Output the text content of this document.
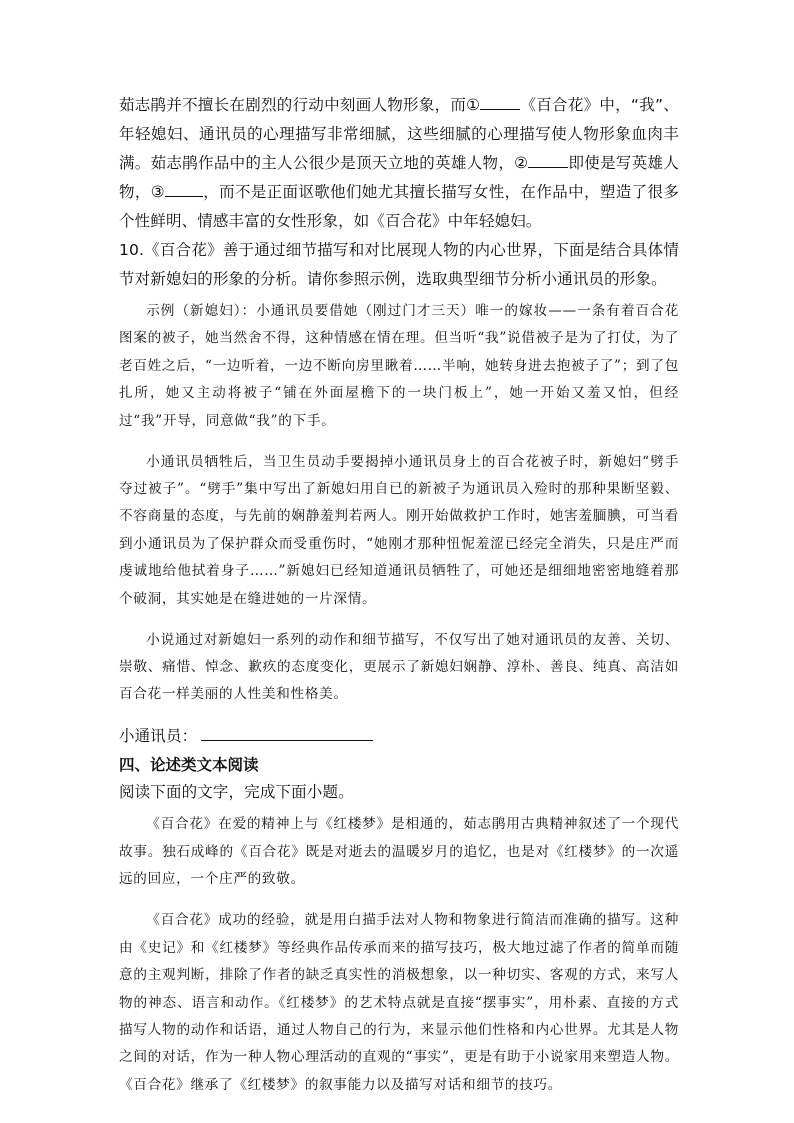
茹志鹃并不擅长在剧烈的行动中刻画人物形象，而①	《百合花》中，“我”、年轻媳妇、通讯员的心理描写非常细腻，这些细腻的心理描写使人物形象血肉丰满。茹志鹃作品中的主人公很少是顶天立地的英雄人物，②	即使是写英雄人物，③ ，而不是正面讴歌他们她尤其擅长描写女性，在作品中，塑造了很多个性鲜明、情感丰富的女性形象，如《百合花》中年轻媳妇。

10.《百合花》善于通过细节描写和对比展现人物的内心世界，下面是结合具体情节对新媳妇的形象的分析。请你参照示例，选取典型细节分析小通讯员的形象。

示例（新媳妇）：小通讯员要借她（刚过门才三天）唯一的嫁妆——一条有着百合花图案的被子，她当然舍不得，这种情感在情在理。但当听“我”说借被子是为了打仗，为了老百姓之后，“一边听着，一边不断向房里瞅着……半响，她转身进去抱被子了”；到了包扎所，她又主动将被子“铺在外面屋檐下的一块门板上”，她一开始又羞又怕，但经过“我”开导，同意做“我”的下手。

小通讯员牺牲后，当卫生员动手要揭掉小通讯员身上的百合花被子时，新媳妇“劈手夺过被子”。“劈手”集中写出了新媳妇用自已的新被子为通讯员入殓时的那种果断坚毅、不容商量的态度，与先前的娴静羞判若两人。刚开始做救护工作时，她害羞腼腆，可当看到小通讯员为了保护群众而受重伤时，“她刚才那种忸怩羞涩已经完全消失，只是庄严而虔诚地给他拭着身子……”新媳妇已经知道通讯员牺牲了，可她还是细细地密密地缝着那个破洞，其实她是在缝进她的一片深情。

小说通过对新媳妇一系列的动作和细节描写，不仅写出了她对通讯员的友善、关切、崇敬、痛惜、悼念、歉疚的态度变化，更展示了新媳妇娴静、淳朴、善良、纯真、高洁如百合花一样美丽的人性美和性格美。

小通讯员：

四、论述类文本阅读

阅读下面的文字，完成下面小题。

《百合花》在爱的精神上与《红楼梦》是相通的，茹志鹃用古典精神叙述了一个现代故事。独石成峰的《百合花》既是对逝去的温暖岁月的追忆，也是对《红楼梦》的一次遥远的回应，一个庄严的致敬。

《百合花》成功的经验，就是用白描手法对人物和物象进行简洁而准确的描写。这种由《史记》和《红楼梦》等经典作品传承而来的描写技巧，极大地过滤了作者的简单而随意的主观判断，排除了作者的缺乏真实性的消极想象，以一种切实、客观的方式，来写人物的神态、语言和动作。《红楼梦》的艺术特点就是直接“摆事实”，用朴素、直接的方式描写人物的动作和话语，通过人物自己的行为，来显示他们性格和内心世界。尤其是人物之间的对话，作为一种人物心理活动的直观的“事实”，更是有助于小说家用来塑造人物。《百合花》继承了《红楼梦》的叙事能力以及描写对话和细节的技巧。
